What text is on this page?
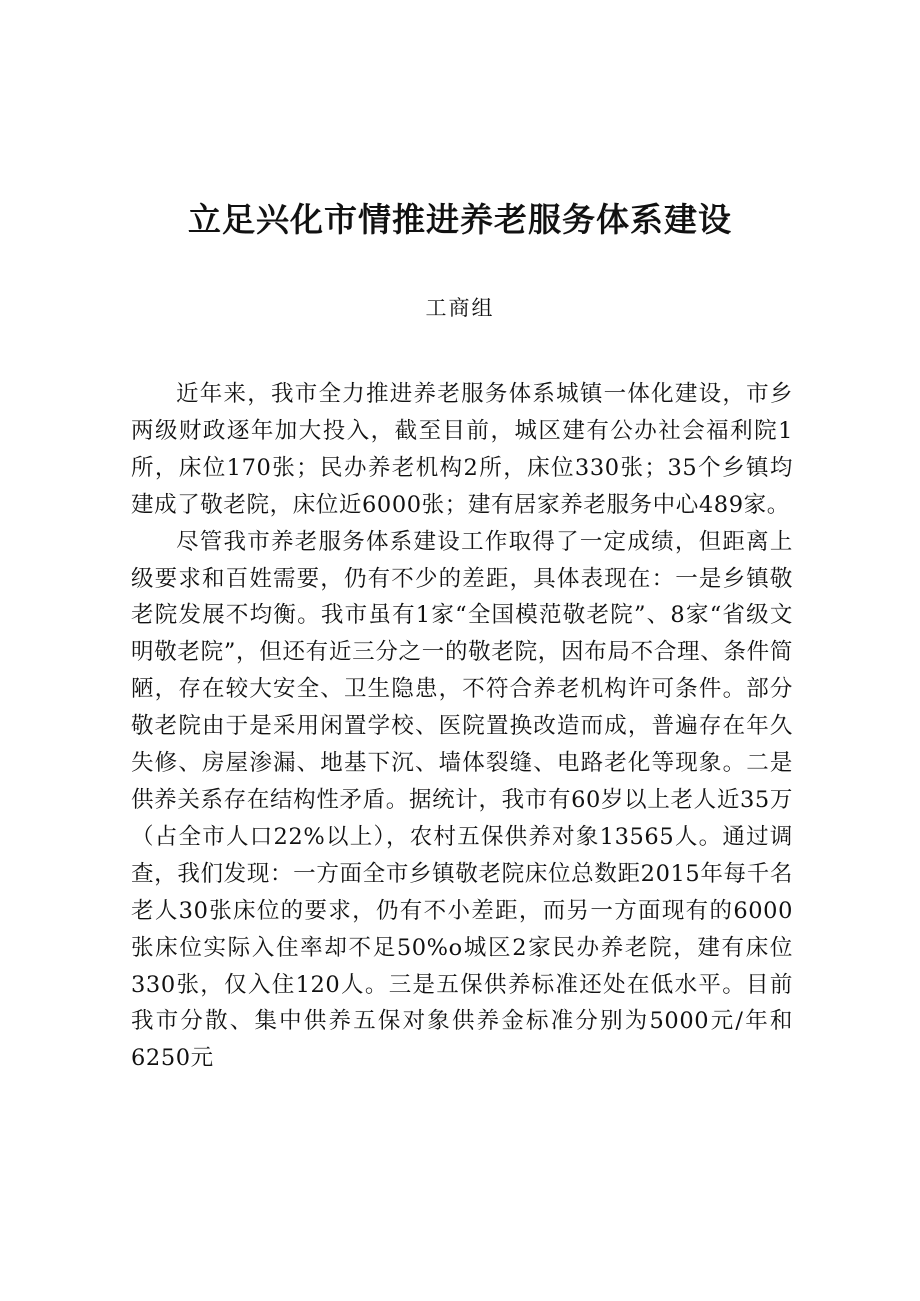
立足兴化市情推进养老服务体系建设

工商组

近年来，我市全力推进养老服务体系城镇一体化建设，市乡两级财政逐年加大投入，截至目前，城区建有公办社会福利院1所，床位170张；民办养老机构2所，床位330张；35个乡镇均建成了敬老院，床位近6000张；建有居家养老服务中心489家。

尽管我市养老服务体系建设工作取得了一定成绩，但距离上级要求和百姓需要，仍有不少的差距，具体表现在：一是乡镇敬老院发展不均衡。我市虽有1家“全国模范敬老院”、8家“省级文明敬老院”，但还有近三分之一的敬老院，因布局不合理、条件简陋，存在较大安全、卫生隐患，不符合养老机构许可条件。部分敬老院由于是采用闲置学校、医院置换改造而成，普遍存在年久失修、房屋渗漏、地基下沉、墙体裂缝、电路老化等现象。二是供养关系存在结构性矛盾。据统计，我市有60岁以上老人近35万（占全市人口22%以上），农村五保供养对象13565人。通过调查，我们发现：一方面全市乡镇敬老院床位总数距2015年每千名老人30张床位的要求，仍有不小差距，而另一方面现有的6000张床位实际入住率却不足50%o城区2家民办养老院，建有床位330张，仅入住120人。三是五保供养标准还处在低水平。目前我市分散、集中供养五保对象供养金标准分别为5000元/年和6250元
